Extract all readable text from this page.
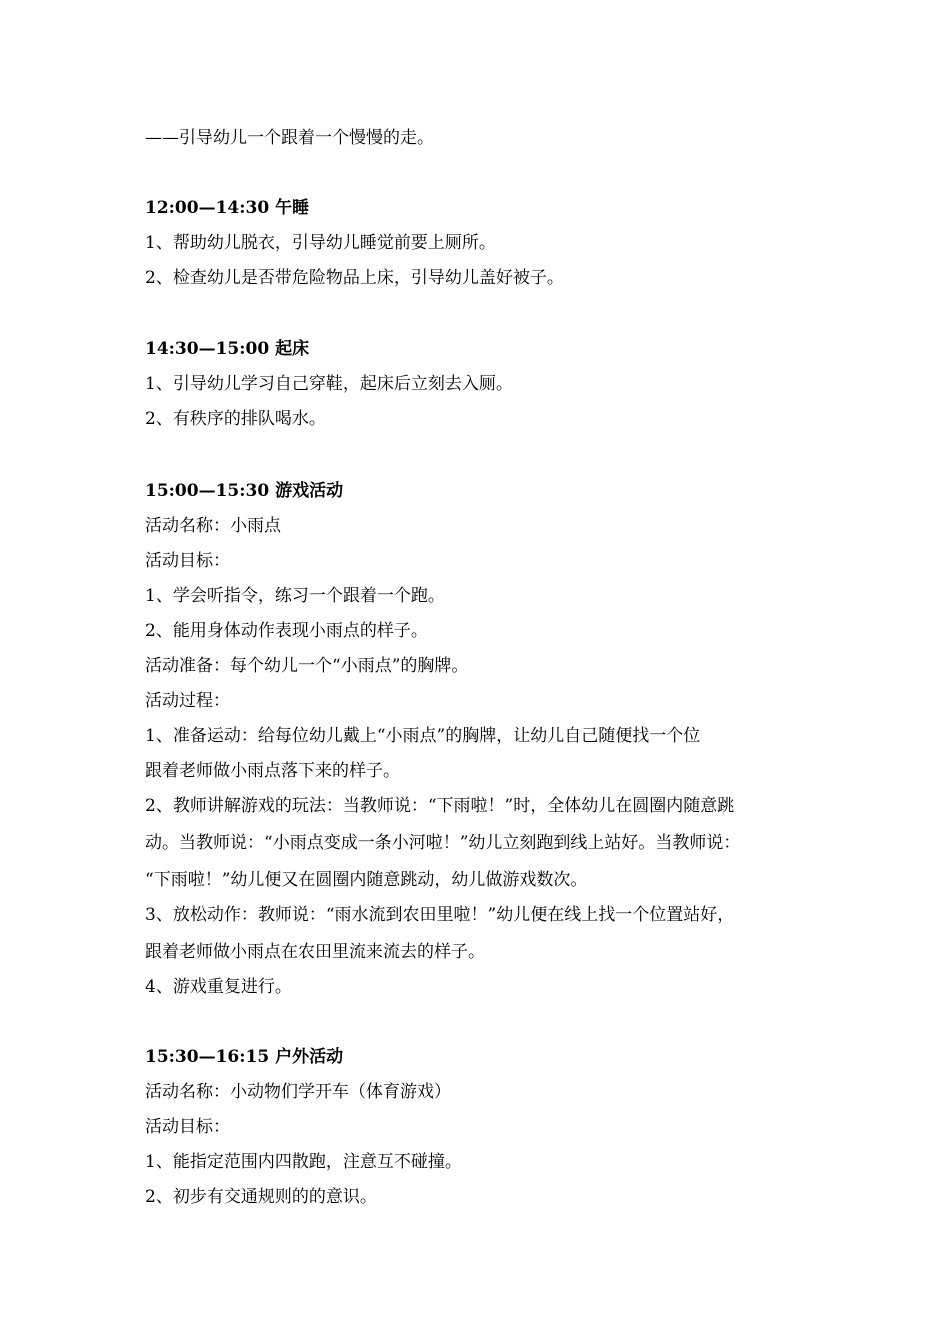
——引导幼儿一个跟着一个慢慢的走。
12:00—14:30 午睡
1、帮助幼儿脱衣，引导幼儿睡觉前要上厕所。
2、检查幼儿是否带危险物品上床，引导幼儿盖好被子。
14:30—15:00 起床
1、引导幼儿学习自己穿鞋，起床后立刻去入厕。
2、有秩序的排队喝水。
15:00—15:30 游戏活动
活动名称：小雨点
活动目标：
1、学会听指令，练习一个跟着一个跑。
2、能用身体动作表现小雨点的样子。
活动准备：每个幼儿一个“小雨点”的胸牌。
活动过程：
1、准备运动：给每位幼儿戴上“小雨点”的胸牌，让幼儿自己随便找一个位
跟着老师做小雨点落下来的样子。
2、教师讲解游戏的玩法：当教师说：“下雨啦！”时，全体幼儿在圆圈内随意跳
动。当教师说：“小雨点变成一条小河啦！”幼儿立刻跑到线上站好。当教师说：
“下雨啦！”幼儿便又在圆圈内随意跳动，幼儿做游戏数次。
3、放松动作：教师说：“雨水流到农田里啦！”幼儿便在线上找一个位置站好，
跟着老师做小雨点在农田里流来流去的样子。
4、游戏重复进行。
15:30—16:15 户外活动
活动名称：小动物们学开车（体育游戏）
活动目标：
1、能指定范围内四散跑，注意互不碰撞。
2、初步有交通规则的的意识。
